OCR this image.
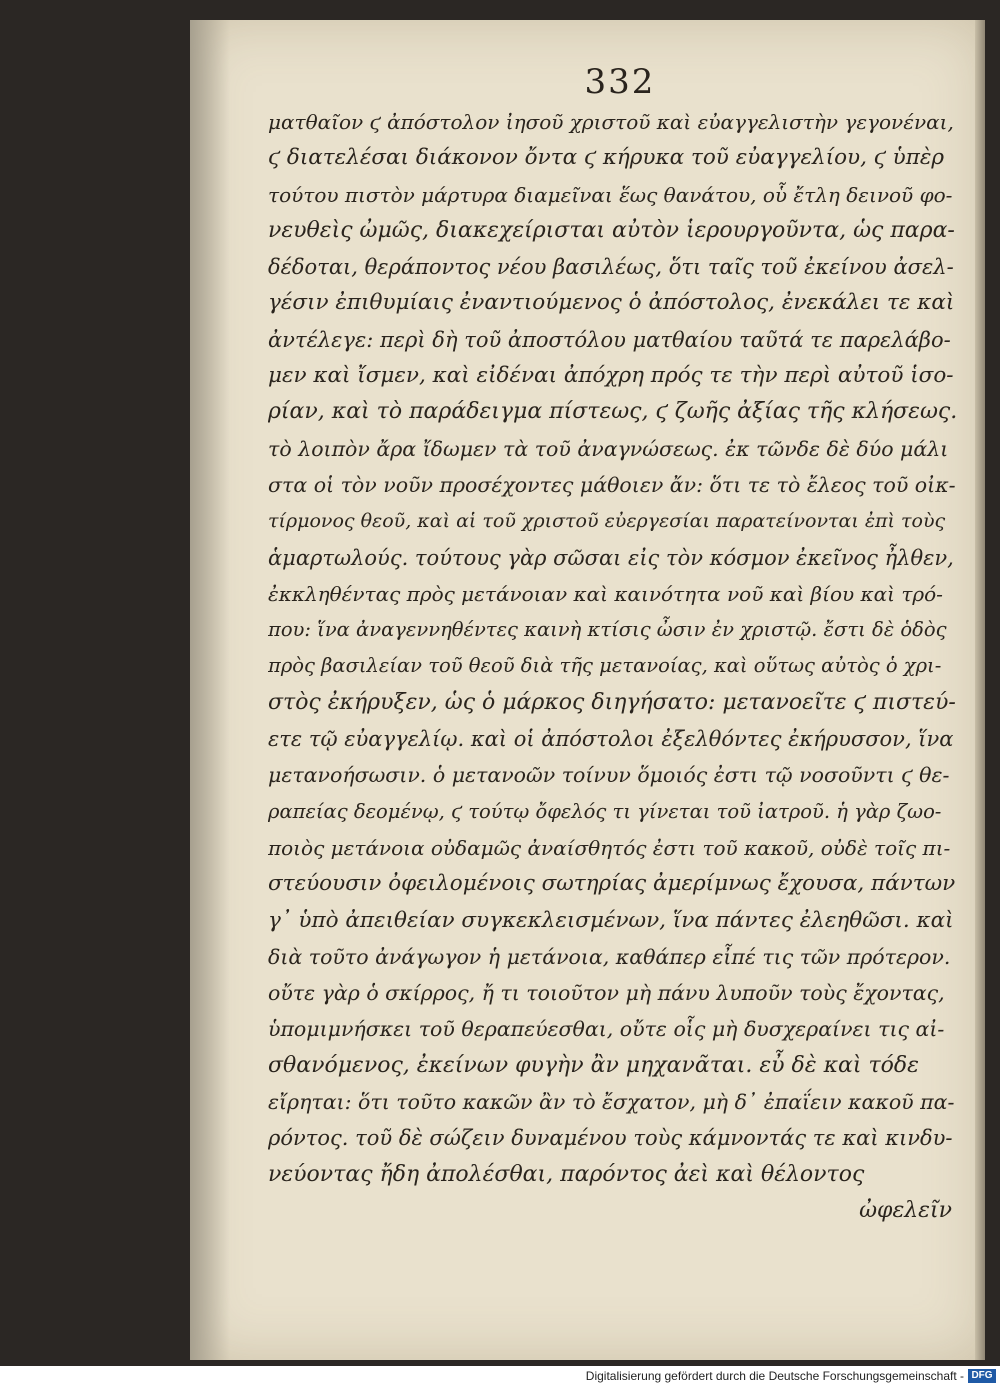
332
ματθαῖον ϛ ἀπόστολον ἰησοῦ χριστοῦ καὶ εὐαγγελιστὴν γεγονέναι,
ϛ διατελέσαι διάκονον ὄντα ϛ κήρυκα τοῦ εὐαγγελίου, ϛ ὑπὲρ
τούτου πιστὸν μάρτυρα διαμεῖναι ἕως θανάτου, οὗ ἔτλη δεινοῦ φο-
νευθεὶς ὠμῶς, διακεχείρισται αὐτὸν ἱερουργοῦντα, ὡς παρα-
δέδοται, θεράποντος νέου βασιλέως, ὅτι ταῖς τοῦ ἐκείνου ἀσελ-
γέσιν ἐπιθυμίαις ἐναντιούμενος ὁ ἀπόστολος, ἐνεκάλει τε καὶ
ἀντέλεγε: περὶ δὴ τοῦ ἀποστόλου ματθαίου ταῦτά τε παρελάβο-
μεν καὶ ἴσμεν, καὶ εἰδέναι ἀπόχρη πρός τε τὴν περὶ αὐτοῦ ἱσο-
ρίαν, καὶ τὸ παράδειγμα πίστεως, ϛ ζωῆς ἀξίας τῆς κλήσεως.
τὸ λοιπὸν ἄρα ἴδωμεν τὰ τοῦ ἀναγνώσεως. ἐκ τῶνδε δὲ δύο μάλι
στα οἱ τὸν νοῦν προσέχοντες μάθοιεν ἄν: ὅτι τε τὸ ἔλεος τοῦ οἰκ-
τίρμονος θεοῦ, καὶ αἱ τοῦ χριστοῦ εὐεργεσίαι παρατείνονται ἐπὶ τοὺς
ἁμαρτωλούς. τούτους γὰρ σῶσαι εἰς τὸν κόσμον ἐκεῖνος ἦλθεν,
ἐκκληθέντας πρὸς μετάνοιαν καὶ καινότητα νοῦ καὶ βίου καὶ τρό-
που: ἵνα ἀναγεννηθέντες καινὴ κτίσις ὦσιν ἐν χριστῷ. ἔστι δὲ ὁδὸς
πρὸς βασιλείαν τοῦ θεοῦ διὰ τῆς μετανοίας, καὶ οὕτως αὐτὸς ὁ χρι-
στὸς ἐκήρυξεν, ὡς ὁ μάρκος διηγήσατο: μετανοεῖτε ϛ πιστεύ-
ετε τῷ εὐαγγελίῳ. καὶ οἱ ἀπόστολοι ἐξελθόντες ἐκήρυσσον, ἵνα
μετανοήσωσιν. ὁ μετανοῶν τοίνυν ὅμοιός ἐστι τῷ νοσοῦντι ϛ θε-
ραπείας δεομένῳ, ϛ τούτῳ ὄφελός τι γίνεται τοῦ ἰατροῦ. ἡ γὰρ ζωο-
ποιὸς μετάνοια οὐδαμῶς ἀναίσθητός ἐστι τοῦ κακοῦ, οὐδὲ τοῖς πι-
στεύουσιν ὀφειλομένοις σωτηρίας ἀμερίμνως ἔχουσα, πάντων
γ᾽ ὑπὸ ἀπειθείαν συγκεκλεισμένων, ἵνα πάντες ἐλεηθῶσι. καὶ
διὰ τοῦτο ἀνάγωγον ἡ μετάνοια, καθάπερ εἶπέ τις τῶν πρότερον.
οὔτε γὰρ ὁ σκίρρος, ἤ τι τοιοῦτον μὴ πάνυ λυποῦν τοὺς ἔχοντας,
ὑπομιμνήσκει τοῦ θεραπεύεσθαι, οὔτε οἷς μὴ δυσχεραίνει τις αἰ-
σθανόμενος, ἐκείνων φυγὴν ἂν μηχανᾶται. εὖ δὲ καὶ τόδε
εἴρηται: ὅτι τοῦτο κακῶν ἂν τὸ ἔσχατον, μὴ δ᾽ ἐπαΐειν κακοῦ πα-
ρόντος. τοῦ δὲ σώζειν δυναμένου τοὺς κάμνοντάς τε καὶ κινδυ-
νεύοντας ἤδη ἀπολέσθαι, παρόντος ἀεὶ καὶ θέλοντος
ὠφελεῖν
Digitalisierung gefördert durch die Deutsche Forschungsgemeinschaft - DFG
